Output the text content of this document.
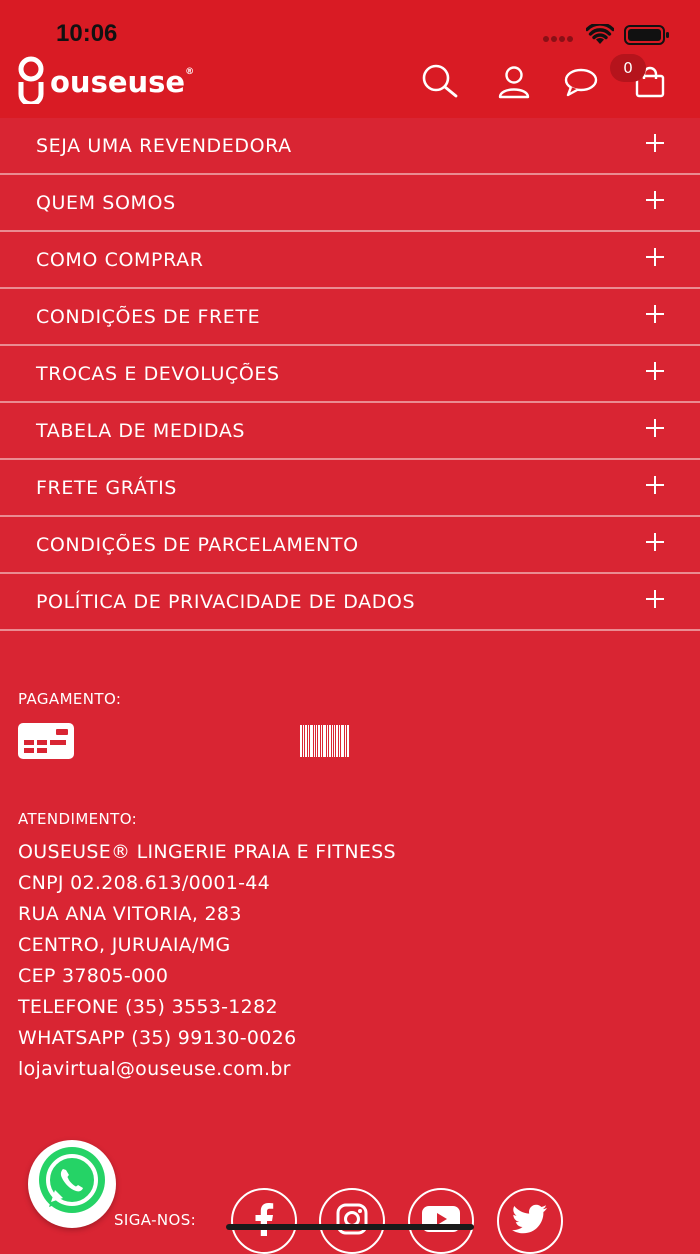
10:06
ouseuse®	0
SEJA UMA REVENDEDORA
QUEM SOMOS
COMO COMPRAR
CONDIÇÕES DE FRETE
TROCAS E DEVOLUÇÕES
TABELA DE MEDIDAS
FRETE GRÁTIS
CONDIÇÕES DE PARCELAMENTO
POLÍTICA DE PRIVACIDADE DE DADOS
PAGAMENTO:
ATENDIMENTO:
OUSEUSE® LINGERIE PRAIA E FITNESS
CNPJ 02.208.613/0001-44
RUA ANA VITORIA, 283
CENTRO, JURUAIA/MG
CEP 37805-000
TELEFONE (35) 3553-1282
WHATSAPP (35) 99130-0026
lojavirtual@ouseuse.com.br
SIGA-NOS:
